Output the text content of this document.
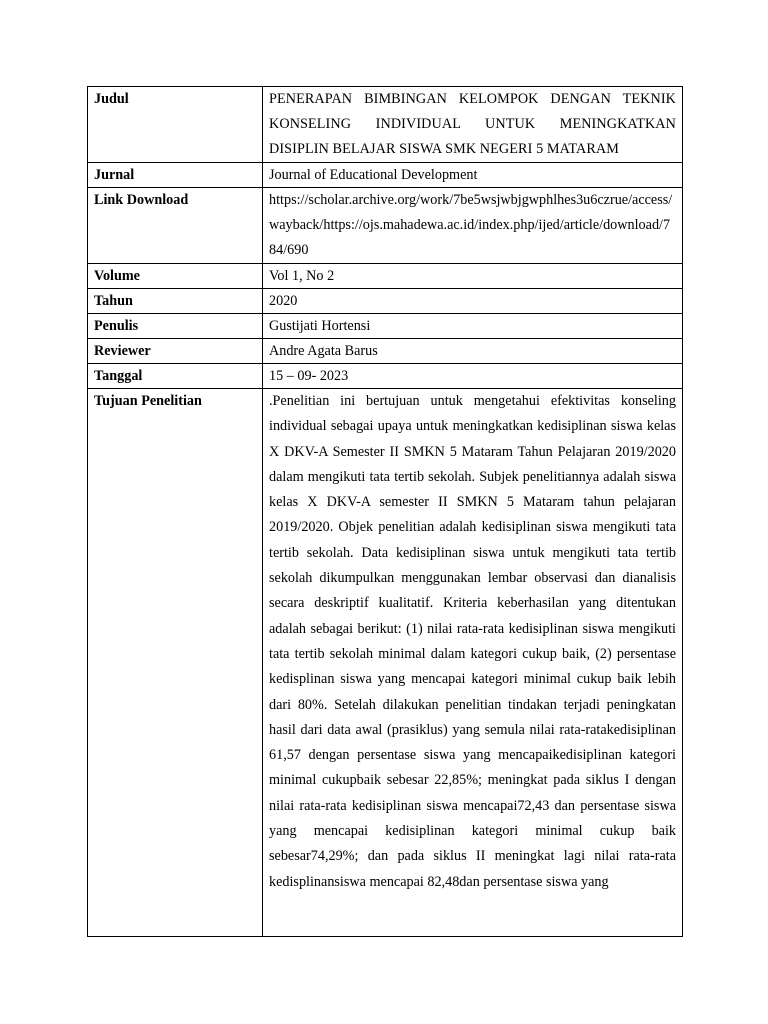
Judul	PENERAPAN BIMBINGAN KELOMPOK DENGAN TEKNIK KONSELING INDIVIDUAL UNTUK MENINGKATKAN DISIPLIN BELAJAR SISWA SMK NEGERI 5 MATARAM
Jurnal	Journal of Educational Development
Link Download	https://scholar.archive.org/work/7be5wsjwbjgwphlhes3u6czrue/access/wayback/https://ojs.mahadewa.ac.id/index.php/ijed/article/download/784/690
Volume	Vol 1, No 2
Tahun	2020
Penulis	Gustijati Hortensi
Reviewer	Andre Agata Barus
Tanggal	15 – 09- 2023
Tujuan Penelitian	.Penelitian ini bertujuan untuk mengetahui efektivitas konseling individual sebagai upaya untuk meningkatkan kedisiplinan siswa kelas X DKV-A Semester II SMKN 5 Mataram Tahun Pelajaran 2019/2020 dalam mengikuti tata tertib sekolah. Subjek penelitiannya adalah siswa kelas X DKV-A semester II SMKN 5 Mataram tahun pelajaran 2019/2020. Objek penelitian adalah kedisiplinan siswa mengikuti tata tertib sekolah. Data kedisiplinan siswa untuk mengikuti tata tertib sekolah dikumpulkan menggunakan lembar observasi dan dianalisis secara deskriptif kualitatif. Kriteria keberhasilan yang ditentukan adalah sebagai berikut: (1) nilai rata-rata kedisiplinan siswa mengikuti tata tertib sekolah minimal dalam kategori cukup baik, (2) persentase kedisplinan siswa yang mencapai kategori minimal cukup baik lebih dari 80%. Setelah dilakukan penelitian tindakan terjadi peningkatan hasil dari data awal (prasiklus) yang semula nilai rata-ratakedisiplinan 61,57 dengan persentase siswa yang mencapaikedisiplinan kategori minimal cukupbaik sebesar 22,85%; meningkat pada siklus I dengan nilai rata-rata kedisiplinan siswa mencapai72,43 dan persentase siswa yang mencapai kedisiplinan kategori minimal cukup baik sebesar74,29%; dan pada siklus II meningkat lagi nilai rata-rata kedisplinansiswa mencapai 82,48dan persentase siswa yang
